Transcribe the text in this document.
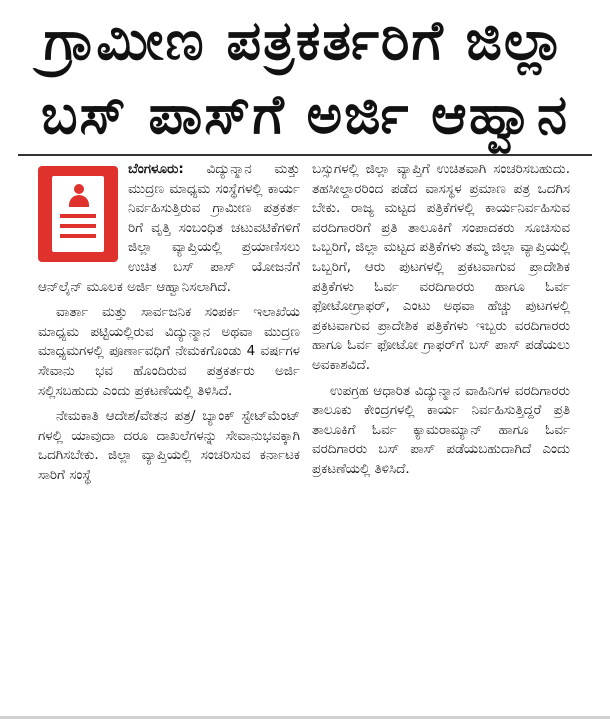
ಗ್ರಾಮೀಣ ಪತ್ರಕರ್ತರಿಗೆ ಜಿಲ್ಲಾ
ಬಸ್ ಪಾಸ್‌ಗೆ ಅರ್ಜಿ ಆಹ್ವಾನ

ಬೆಂಗಳೂರು: ವಿದ್ಯುನ್ಮಾನ ಮತ್ತು ಮುದ್ರಣ ಮಾಧ್ಯಮ ಸಂಸ್ಥೆಗಳಲ್ಲಿ ಕಾರ್ಯ ನಿರ್ವಹಿಸುತ್ತಿರುವ ಗ್ರಾಮೀಣ ಪತ್ರಕರ್ತ ರಿಗೆ ವೃತ್ತಿ ಸಂಬಂಧಿತ ಚಟುವಟಿಕೆಗಳಿಗೆ ಜಿಲ್ಲಾ ವ್ಯಾಪ್ತಿಯಲ್ಲಿ ಪ್ರಯಾಣಿಸಲು ಉಚಿತ ಬಸ್ ಪಾಸ್ ಯೋಜನೆಗೆ ಆನ್‌ಲೈನ್ ಮೂಲಕ ಅರ್ಜಿ ಆಹ್ವಾನಿಸಲಾಗಿದೆ.

ವಾರ್ತಾ ಮತ್ತು ಸಾರ್ವಜನಿಕ ಸಂಪರ್ಕ ಇಲಾಖೆಯ ಮಾಧ್ಯಮ ಪಟ್ಟಿಯಲ್ಲಿರುವ ವಿದ್ಯುನ್ಮಾನ ಅಥವಾ ಮುದ್ರಣ ಮಾಧ್ಯಮಗಳಲ್ಲಿ ಪೂರ್ಣಾವಧಿಗೆ ನೇಮಕಗೊಂಡು 4 ವರ್ಷಗಳ ಸೇವಾನು ಭವ ಹೊಂದಿರುವ ಪತ್ರಕರ್ತರು ಅರ್ಜಿ ಸಲ್ಲಿಸಬಹುದು ಎಂದು ಪ್ರಕಟಣೆಯಲ್ಲಿ ತಿಳಿಸಿದೆ.

ನೇಮಕಾತಿ ಆದೇಶ/ವೇತನ ಪತ್ರ/ ಬ್ಯಾಂಕ್ ಸ್ಟೇಟ್‌ಮೆಂಟ್ ಗಳಲ್ಲಿ ಯಾವುದಾ ದರೂ ದಾಖಲೆಗಳನ್ನು ಸೇವಾನುಭವಕ್ಕಾಗಿ ಒದಗಿಸಬೇಕು. ಜಿಲ್ಲಾ ವ್ಯಾಪ್ತಿಯಲ್ಲಿ ಸಂಚರಿಸುವ ಕರ್ನಾಟಕ ಸಾರಿಗೆ ಸಂಸ್ಥೆ

ಬಸ್ಸುಗಳಲ್ಲಿ ಜಿಲ್ಲಾ ವ್ಯಾಪ್ತಿಗೆ ಉಚಿತವಾಗಿ ಸಂಚರಿಸಬಹುದು. ತಹಸೀಲ್ದಾರರಿಂದ ಪಡೆದ ವಾಸಸ್ಥಳ ಪ್ರಮಾಣ ಪತ್ರ ಒದಗಿಸ ಬೇಕು. ರಾಜ್ಯ ಮಟ್ಟದ ಪತ್ರಿಕೆಗಳಲ್ಲಿ ಕಾರ್ಯನಿರ್ವಹಿಸುವ ವರದಿಗಾರರಿಗೆ ಪ್ರತಿ ತಾಲೂಕಿಗೆ ಸಂಪಾದಕರು ಸೂಚಿಸುವ ಒಬ್ಬರಿಗೆ, ಜಿಲ್ಲಾ ಮಟ್ಟದ ಪತ್ರಿಕೆಗಳು ತಮ್ಮ ಜಿಲ್ಲಾ ವ್ಯಾಪ್ತಿಯಲ್ಲಿ ಒಬ್ಬರಿಗೆ, ಆರು ಪುಟಗಳಲ್ಲಿ ಪ್ರಕಟವಾಗುವ ಪ್ರಾದೇಶಿಕ ಪತ್ರಿಕೆಗಳು ಓರ್ವ ವರದಿಗಾರರು ಹಾಗೂ ಓರ್ವ ಫೋಟೋಗ್ರಾಫರ್, ಎಂಟು ಅಥವಾ ಹೆಚ್ಚು ಪುಟಗಳಲ್ಲಿ ಪ್ರಕಟವಾಗುವ ಪ್ರಾದೇಶಿಕ ಪತ್ರಿಕೆಗಳು ಇಬ್ಬರು ವರದಿಗಾರರು ಹಾಗೂ ಓರ್ವ ಫೋಟೋ ಗ್ರಾಫರ್‌ಗೆ ಬಸ್ ಪಾಸ್ ಪಡೆಯಲು ಅವಕಾಶವಿದೆ.

ಉಪಗ್ರಹ ಆಧಾರಿತ ವಿದ್ಯುನ್ಮಾನ ವಾಹಿನಿಗಳ ವರದಿಗಾರರು ತಾಲೂಕು ಕೇಂದ್ರಗಳಲ್ಲಿ ಕಾರ್ಯ ನಿರ್ವಹಿಸುತ್ತಿದ್ದರೆ ಪ್ರತಿ ತಾಲೂಕಿಗೆ ಓರ್ವ ಕ್ಯಾಮರಾಮ್ಯಾನ್ ಹಾಗೂ ಓರ್ವ ವರದಿಗಾರರು ಬಸ್ ಪಾಸ್ ಪಡೆಯಬಹುದಾಗಿದೆ ಎಂದು ಪ್ರಕಟಣೆಯಲ್ಲಿ ತಿಳಿಸಿದೆ.
